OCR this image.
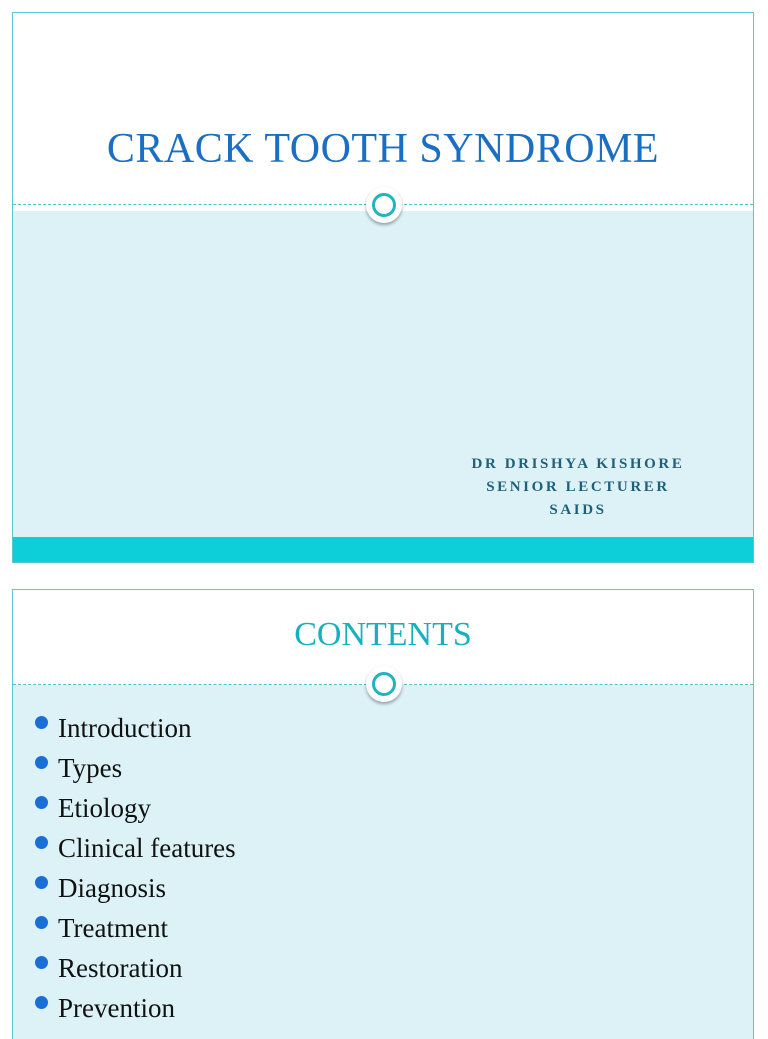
CRACK TOOTH SYNDROME
DR DRISHYA KISHORE
SENIOR LECTURER
SAIDS
CONTENTS
Introduction
Types
Etiology
Clinical features
Diagnosis
Treatment
Restoration
Prevention
